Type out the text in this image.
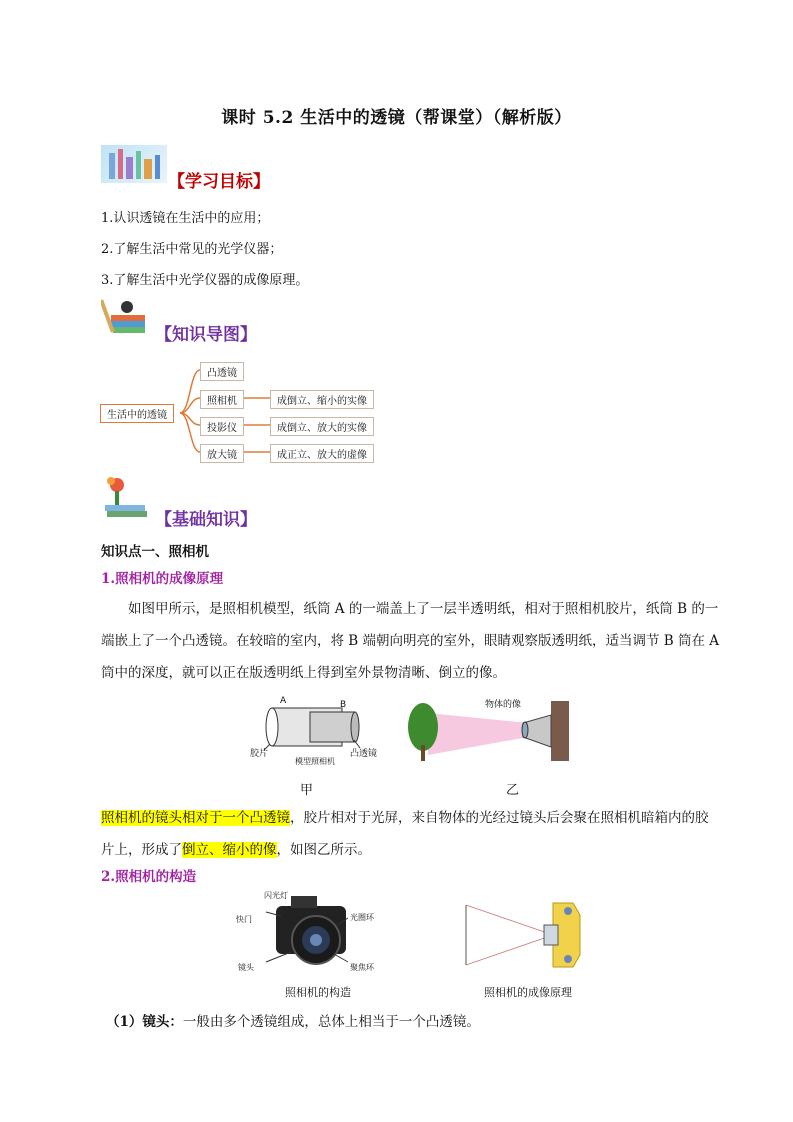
课时 5.2 生活中的透镜（帮课堂）（解析版）
【学习目标】
1.认识透镜在生活中的应用；
2.了解生活中常见的光学仪器；
3.了解生活中光学仪器的成像原理。
【知识导图】
生活中的透镜
凸透镜
照相机
投影仪
放大镜
成倒立、缩小的实像
成倒立、放大的实像
成正立、放大的虚像
【基础知识】
知识点一、照相机
1.照相机的成像原理
如图甲所示，是照相机模型，纸筒 A 的一端盖上了一层半透明纸，相对于照相机胶片，纸筒 B 的一端嵌上了一个凸透镜。在较暗的室内，将 B 端朝向明亮的室外，眼睛观察版透明纸，适当调节 B 筒在 A 筒中的深度，就可以正在版透明纸上得到室外景物清晰、倒立的像。
A	B
胶片	凸透镜
模型照相机
物体的像
甲	乙
照相机的镜头相对于一个凸透镜，胶片相对于光屏，来自物体的光经过镜头后会聚在照相机暗箱内的胶片上，形成了倒立、缩小的像，如图乙所示。
2.照相机的构造
闪光灯
快门	光圈环
镜头	聚焦环
照相机的构造	照相机的成像原理
（1）镜头：一般由多个透镜组成，总体上相当于一个凸透镜。
